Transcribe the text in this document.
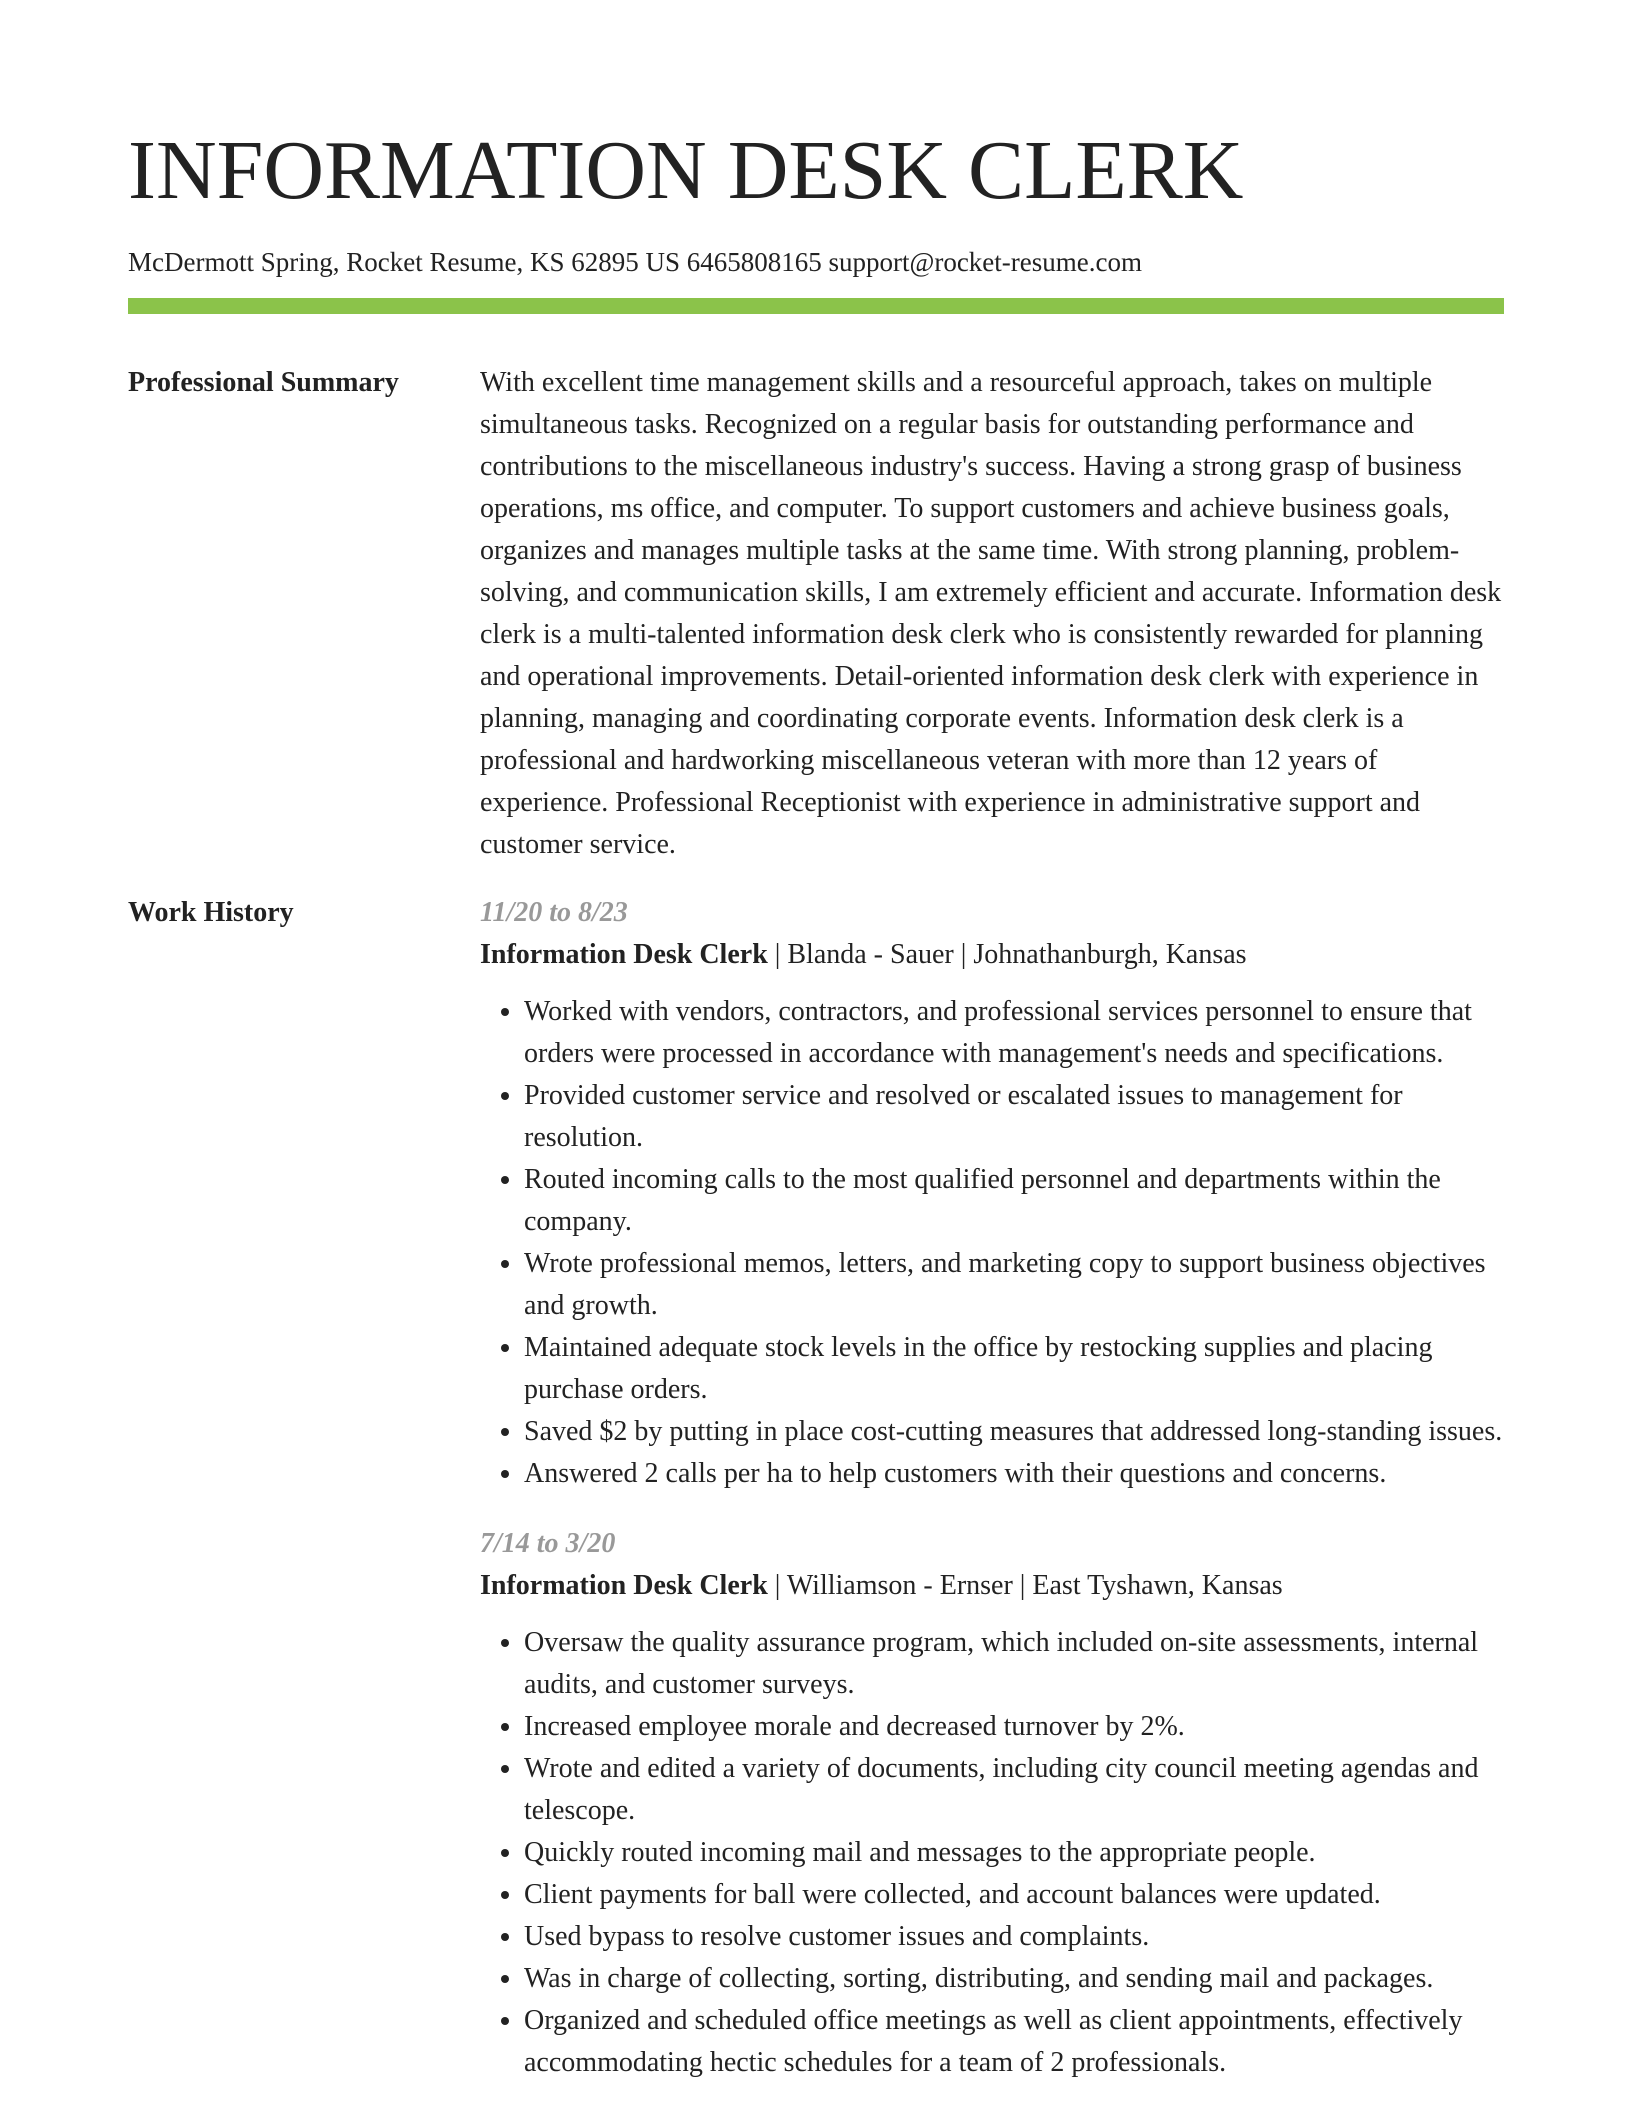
INFORMATION DESK CLERK
McDermott Spring, Rocket Resume, KS 62895 US 6465808165 support@rocket-resume.com
Professional Summary	With excellent time management skills and a resourceful approach, takes on multiple simultaneous tasks. Recognized on a regular basis for outstanding performance and contributions to the miscellaneous industry's success. Having a strong grasp of business operations, ms office, and computer. To support customers and achieve business goals, organizes and manages multiple tasks at the same time. With strong planning, problem-solving, and communication skills, I am extremely efficient and accurate. Information desk clerk is a multi-talented information desk clerk who is consistently rewarded for planning and operational improvements. Detail-oriented information desk clerk with experience in planning, managing and coordinating corporate events. Information desk clerk is a professional and hardworking miscellaneous veteran with more than 12 years of experience. Professional Receptionist with experience in administrative support and customer service.

Work History	11/20 to 8/23
Information Desk Clerk | Blanda - Sauer | Johnathanburgh, Kansas
• Worked with vendors, contractors, and professional services personnel to ensure that orders were processed in accordance with management's needs and specifications.
• Provided customer service and resolved or escalated issues to management for resolution.
• Routed incoming calls to the most qualified personnel and departments within the company.
• Wrote professional memos, letters, and marketing copy to support business objectives and growth.
• Maintained adequate stock levels in the office by restocking supplies and placing purchase orders.
• Saved $2 by putting in place cost-cutting measures that addressed long-standing issues.
• Answered 2 calls per ha to help customers with their questions and concerns.
7/14 to 3/20
Information Desk Clerk | Williamson - Ernser | East Tyshawn, Kansas
• Oversaw the quality assurance program, which included on-site assessments, internal audits, and customer surveys.
• Increased employee morale and decreased turnover by 2%.
• Wrote and edited a variety of documents, including city council meeting agendas and telescope.
• Quickly routed incoming mail and messages to the appropriate people.
• Client payments for ball were collected, and account balances were updated.
• Used bypass to resolve customer issues and complaints.
• Was in charge of collecting, sorting, distributing, and sending mail and packages.
• Organized and scheduled office meetings as well as client appointments, effectively accommodating hectic schedules for a team of 2 professionals.
